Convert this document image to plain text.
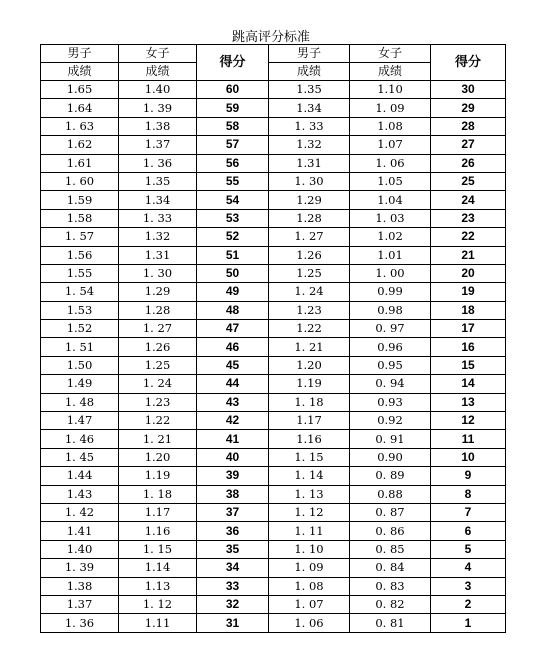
跳高评分标准
男子	女子	得分	男子	女子	得分
成绩	成绩		成绩	成绩	
1.65	1.40	60	1.35	1.10	30
1.64	1. 39	59	1.34	1. 09	29
1. 63	1.38	58	1. 33	1.08	28
1.62	1.37	57	1.32	1.07	27
1.61	1. 36	56	1.31	1. 06	26
1. 60	1.35	55	1. 30	1.05	25
1.59	1.34	54	1.29	1.04	24
1.58	1. 33	53	1.28	1. 03	23
1. 57	1.32	52	1. 27	1.02	22
1.56	1.31	51	1.26	1.01	21
1.55	1. 30	50	1.25	1. 00	20
1. 54	1.29	49	1. 24	0.99	19
1.53	1.28	48	1.23	0.98	18
1.52	1. 27	47	1.22	0. 97	17
1. 51	1.26	46	1. 21	0.96	16
1.50	1.25	45	1.20	0.95	15
1.49	1. 24	44	1.19	0. 94	14
1. 48	1.23	43	1. 18	0.93	13
1.47	1.22	42	1.17	0.92	12
1. 46	1. 21	41	1.16	0. 91	11
1. 45	1.20	40	1. 15	0.90	10
1.44	1.19	39	1. 14	0. 89	9
1.43	1. 18	38	1. 13	0.88	8
1. 42	1.17	37	1. 12	0. 87	7
1.41	1.16	36	1. 11	0. 86	6
1.40	1. 15	35	1. 10	0. 85	5
1. 39	1.14	34	1. 09	0. 84	4
1.38	1.13	33	1. 08	0. 83	3
1.37	1. 12	32	1. 07	0. 82	2
1. 36	1.11	31	1. 06	0. 81	1
